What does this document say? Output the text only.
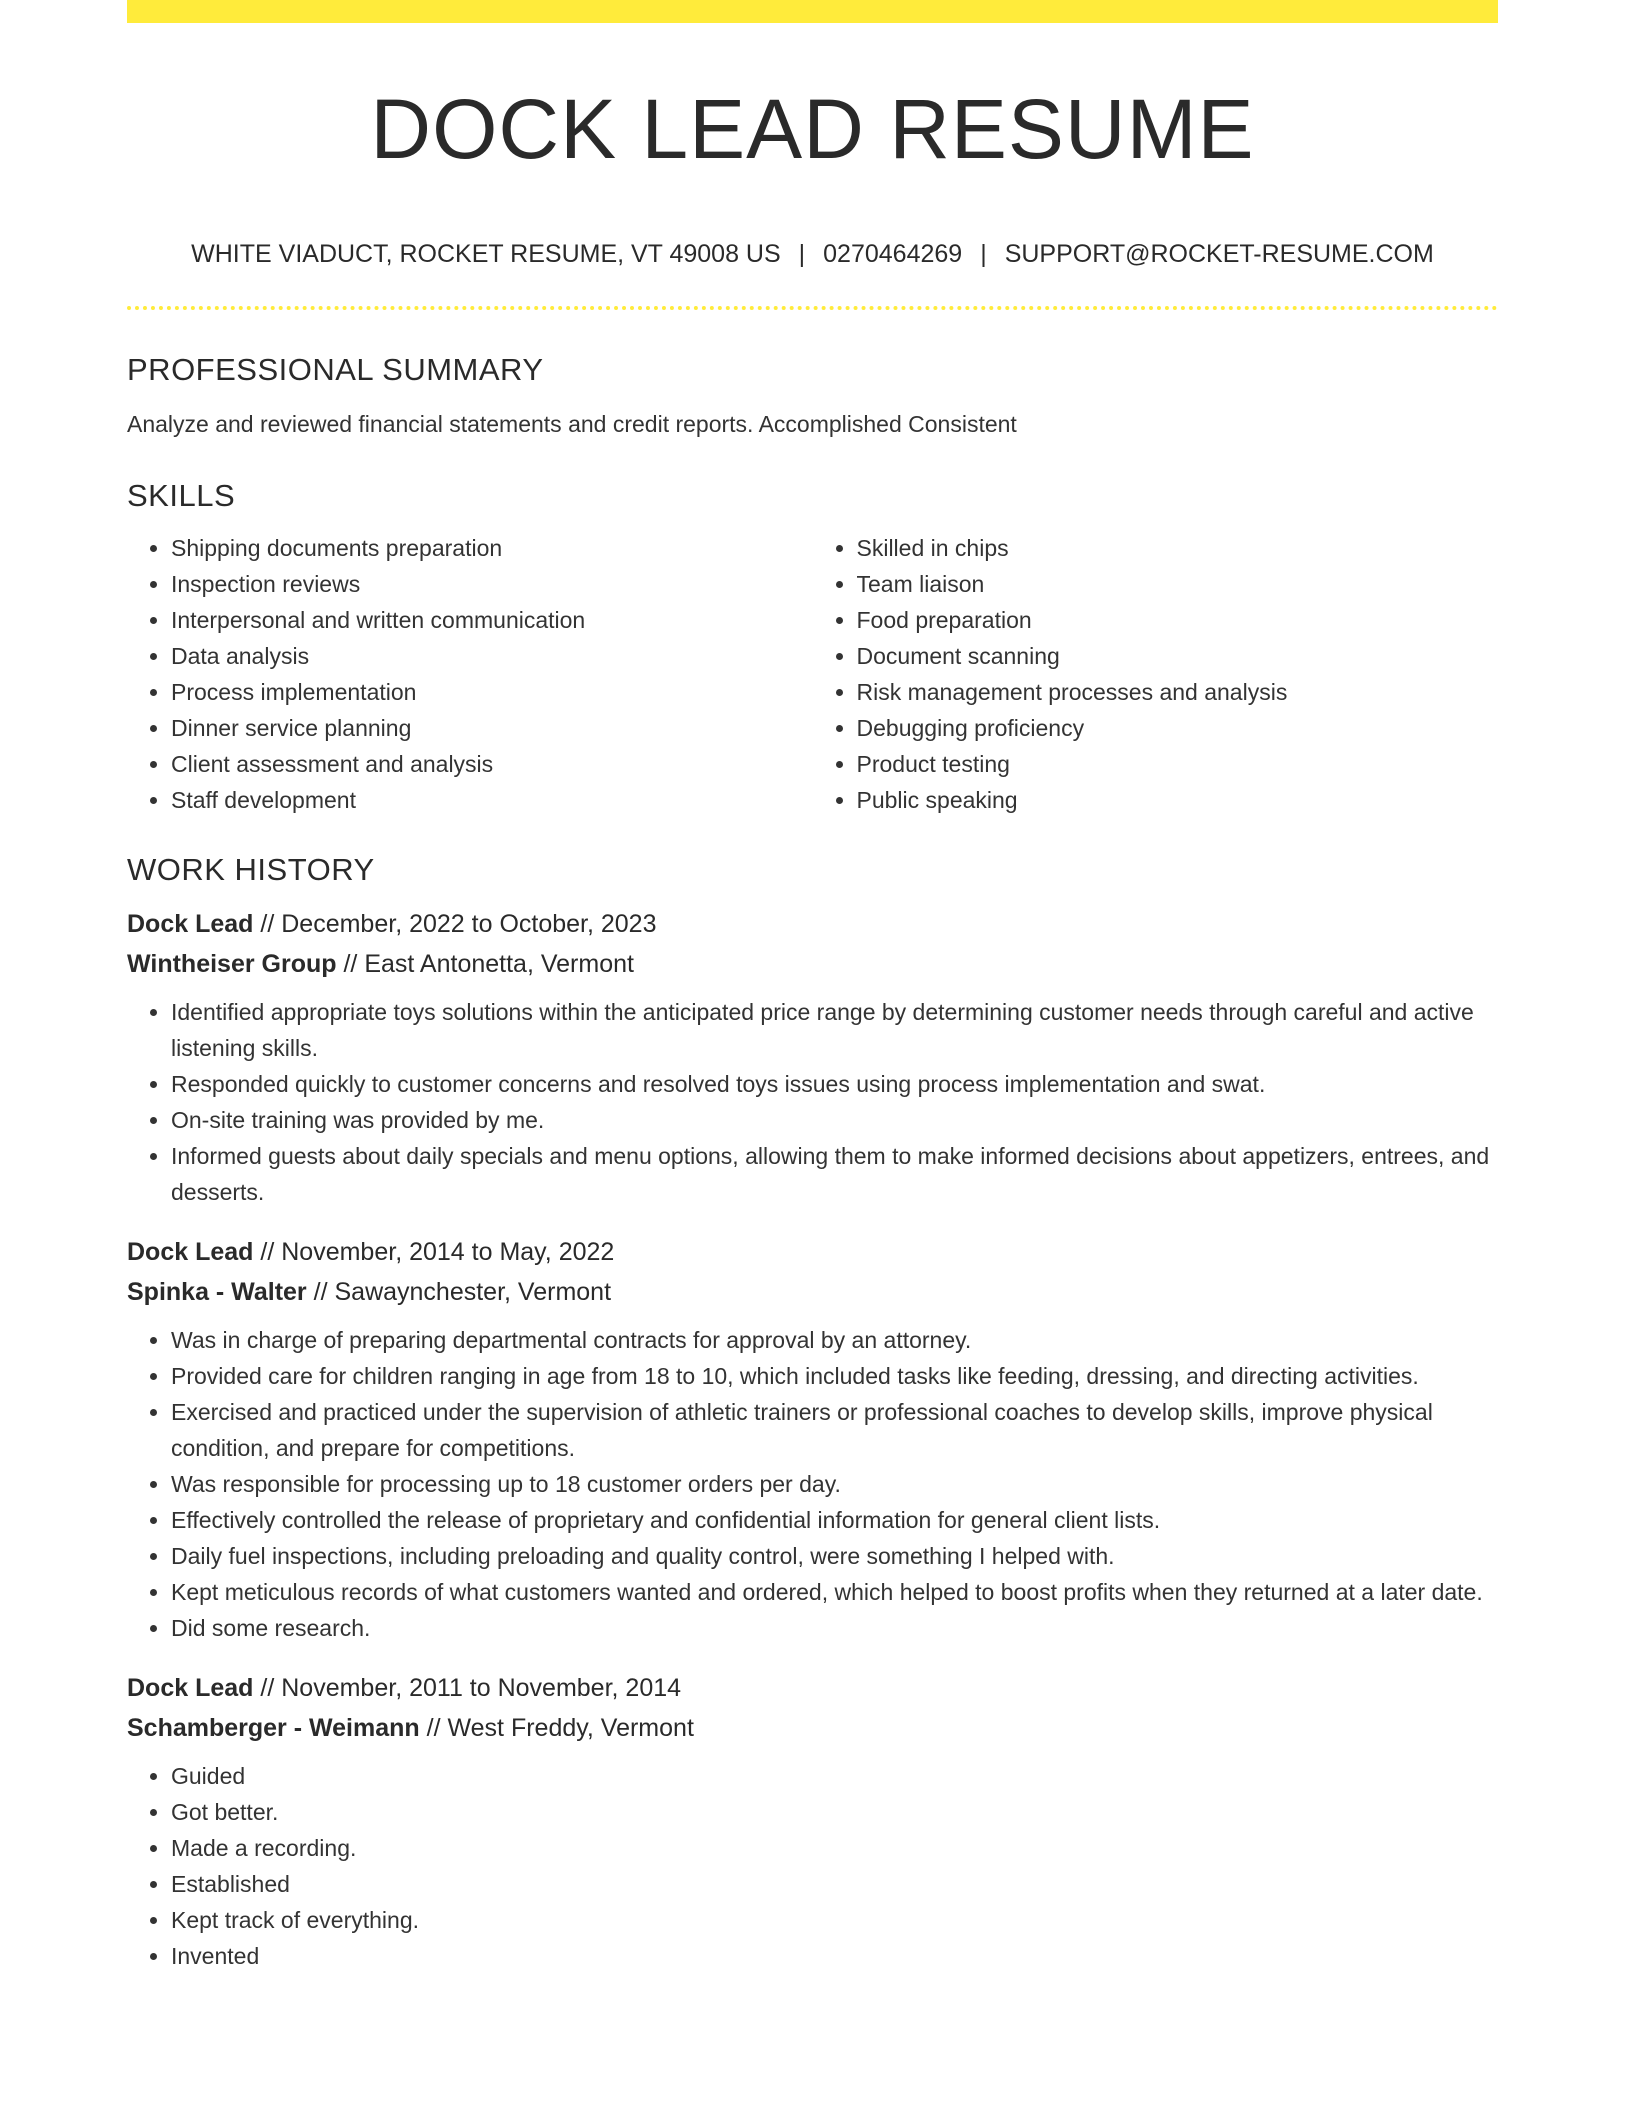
DOCK LEAD RESUME
WHITE VIADUCT, ROCKET RESUME, VT 49008 US | 0270464269 | SUPPORT@ROCKET-RESUME.COM
PROFESSIONAL SUMMARY

Analyze and reviewed financial statements and credit reports. Accomplished Consistent

SKILLS
• Shipping documents preparation
• Inspection reviews
• Interpersonal and written communication
• Data analysis
• Process implementation
• Dinner service planning
• Client assessment and analysis
• Staff development
• Skilled in chips
• Team liaison
• Food preparation
• Document scanning
• Risk management processes and analysis
• Debugging proficiency
• Product testing
• Public speaking
WORK HISTORY
Dock Lead // December, 2022 to October, 2023
Wintheiser Group // East Antonetta, Vermont
• Identified appropriate toys solutions within the anticipated price range by determining customer needs through careful and active listening skills.
• Responded quickly to customer concerns and resolved toys issues using process implementation and swat.
• On-site training was provided by me.
• Informed guests about daily specials and menu options, allowing them to make informed decisions about appetizers, entrees, and desserts.
Dock Lead // November, 2014 to May, 2022
Spinka - Walter // Sawaynchester, Vermont
• Was in charge of preparing departmental contracts for approval by an attorney.
• Provided care for children ranging in age from 18 to 10, which included tasks like feeding, dressing, and directing activities.
• Exercised and practiced under the supervision of athletic trainers or professional coaches to develop skills, improve physical condition, and prepare for competitions.
• Was responsible for processing up to 18 customer orders per day.
• Effectively controlled the release of proprietary and confidential information for general client lists.
• Daily fuel inspections, including preloading and quality control, were something I helped with.
• Kept meticulous records of what customers wanted and ordered, which helped to boost profits when they returned at a later date.
• Did some research.
Dock Lead // November, 2011 to November, 2014
Schamberger - Weimann // West Freddy, Vermont
• Guided
• Got better.
• Made a recording.
• Established
• Kept track of everything.
• Invented
